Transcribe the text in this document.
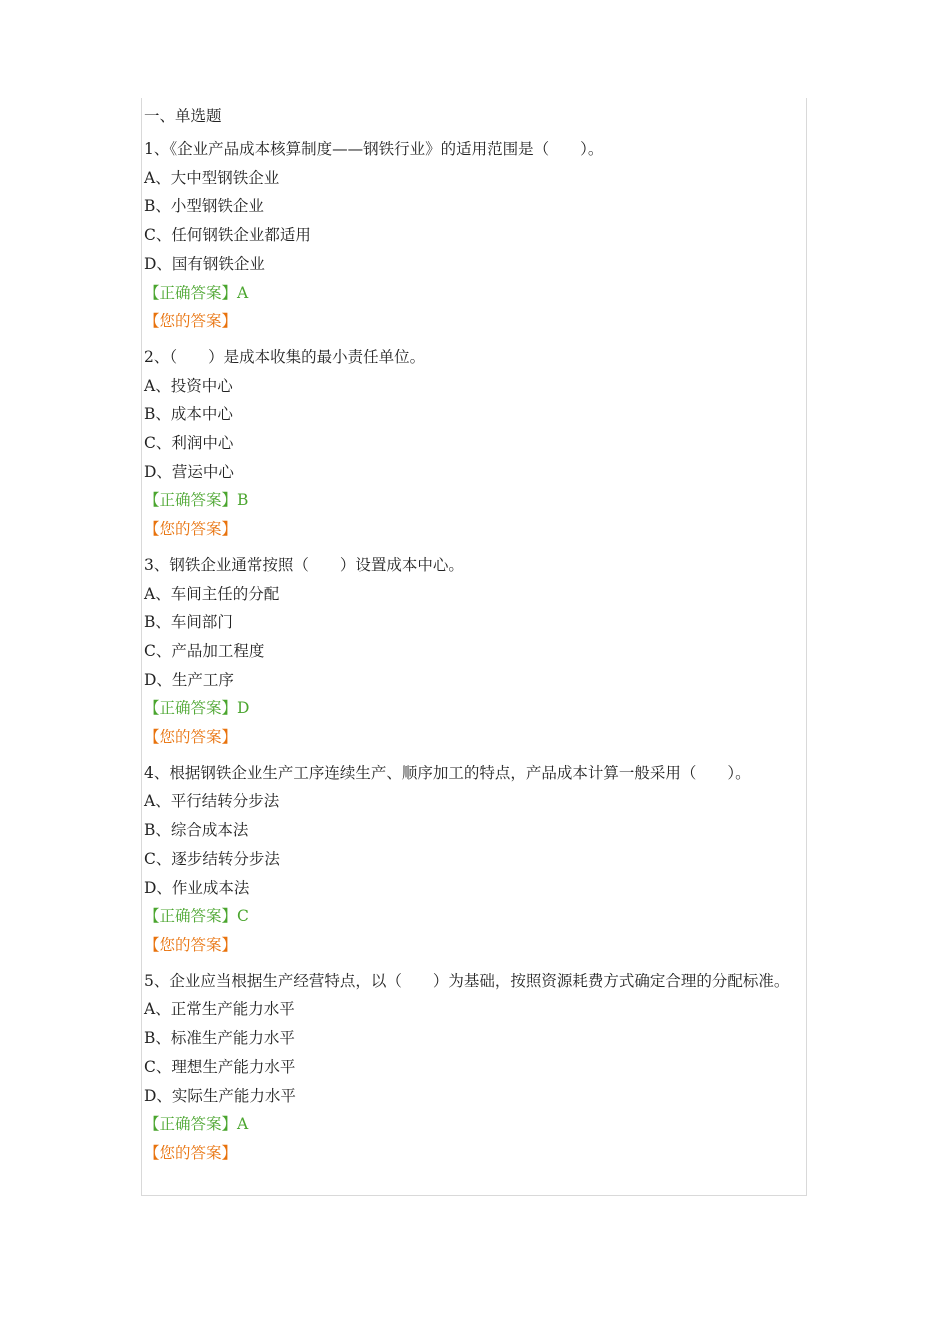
一、单选题
1、《企业产品成本核算制度——钢铁行业》的适用范围是（　　）。
A、大中型钢铁企业
B、小型钢铁企业
C、任何钢铁企业都适用
D、国有钢铁企业
【正确答案】A
【您的答案】
2、（　　）是成本收集的最小责任单位。
A、投资中心
B、成本中心
C、利润中心
D、营运中心
【正确答案】B
【您的答案】
3、钢铁企业通常按照（　　）设置成本中心。
A、车间主任的分配
B、车间部门
C、产品加工程度
D、生产工序
【正确答案】D
【您的答案】
4、根据钢铁企业生产工序连续生产、顺序加工的特点，产品成本计算一般采用（　　）。
A、平行结转分步法
B、综合成本法
C、逐步结转分步法
D、作业成本法
【正确答案】C
【您的答案】
5、企业应当根据生产经营特点，以（　　）为基础，按照资源耗费方式确定合理的分配标准。
A、正常生产能力水平
B、标准生产能力水平
C、理想生产能力水平
D、实际生产能力水平
【正确答案】A
【您的答案】
